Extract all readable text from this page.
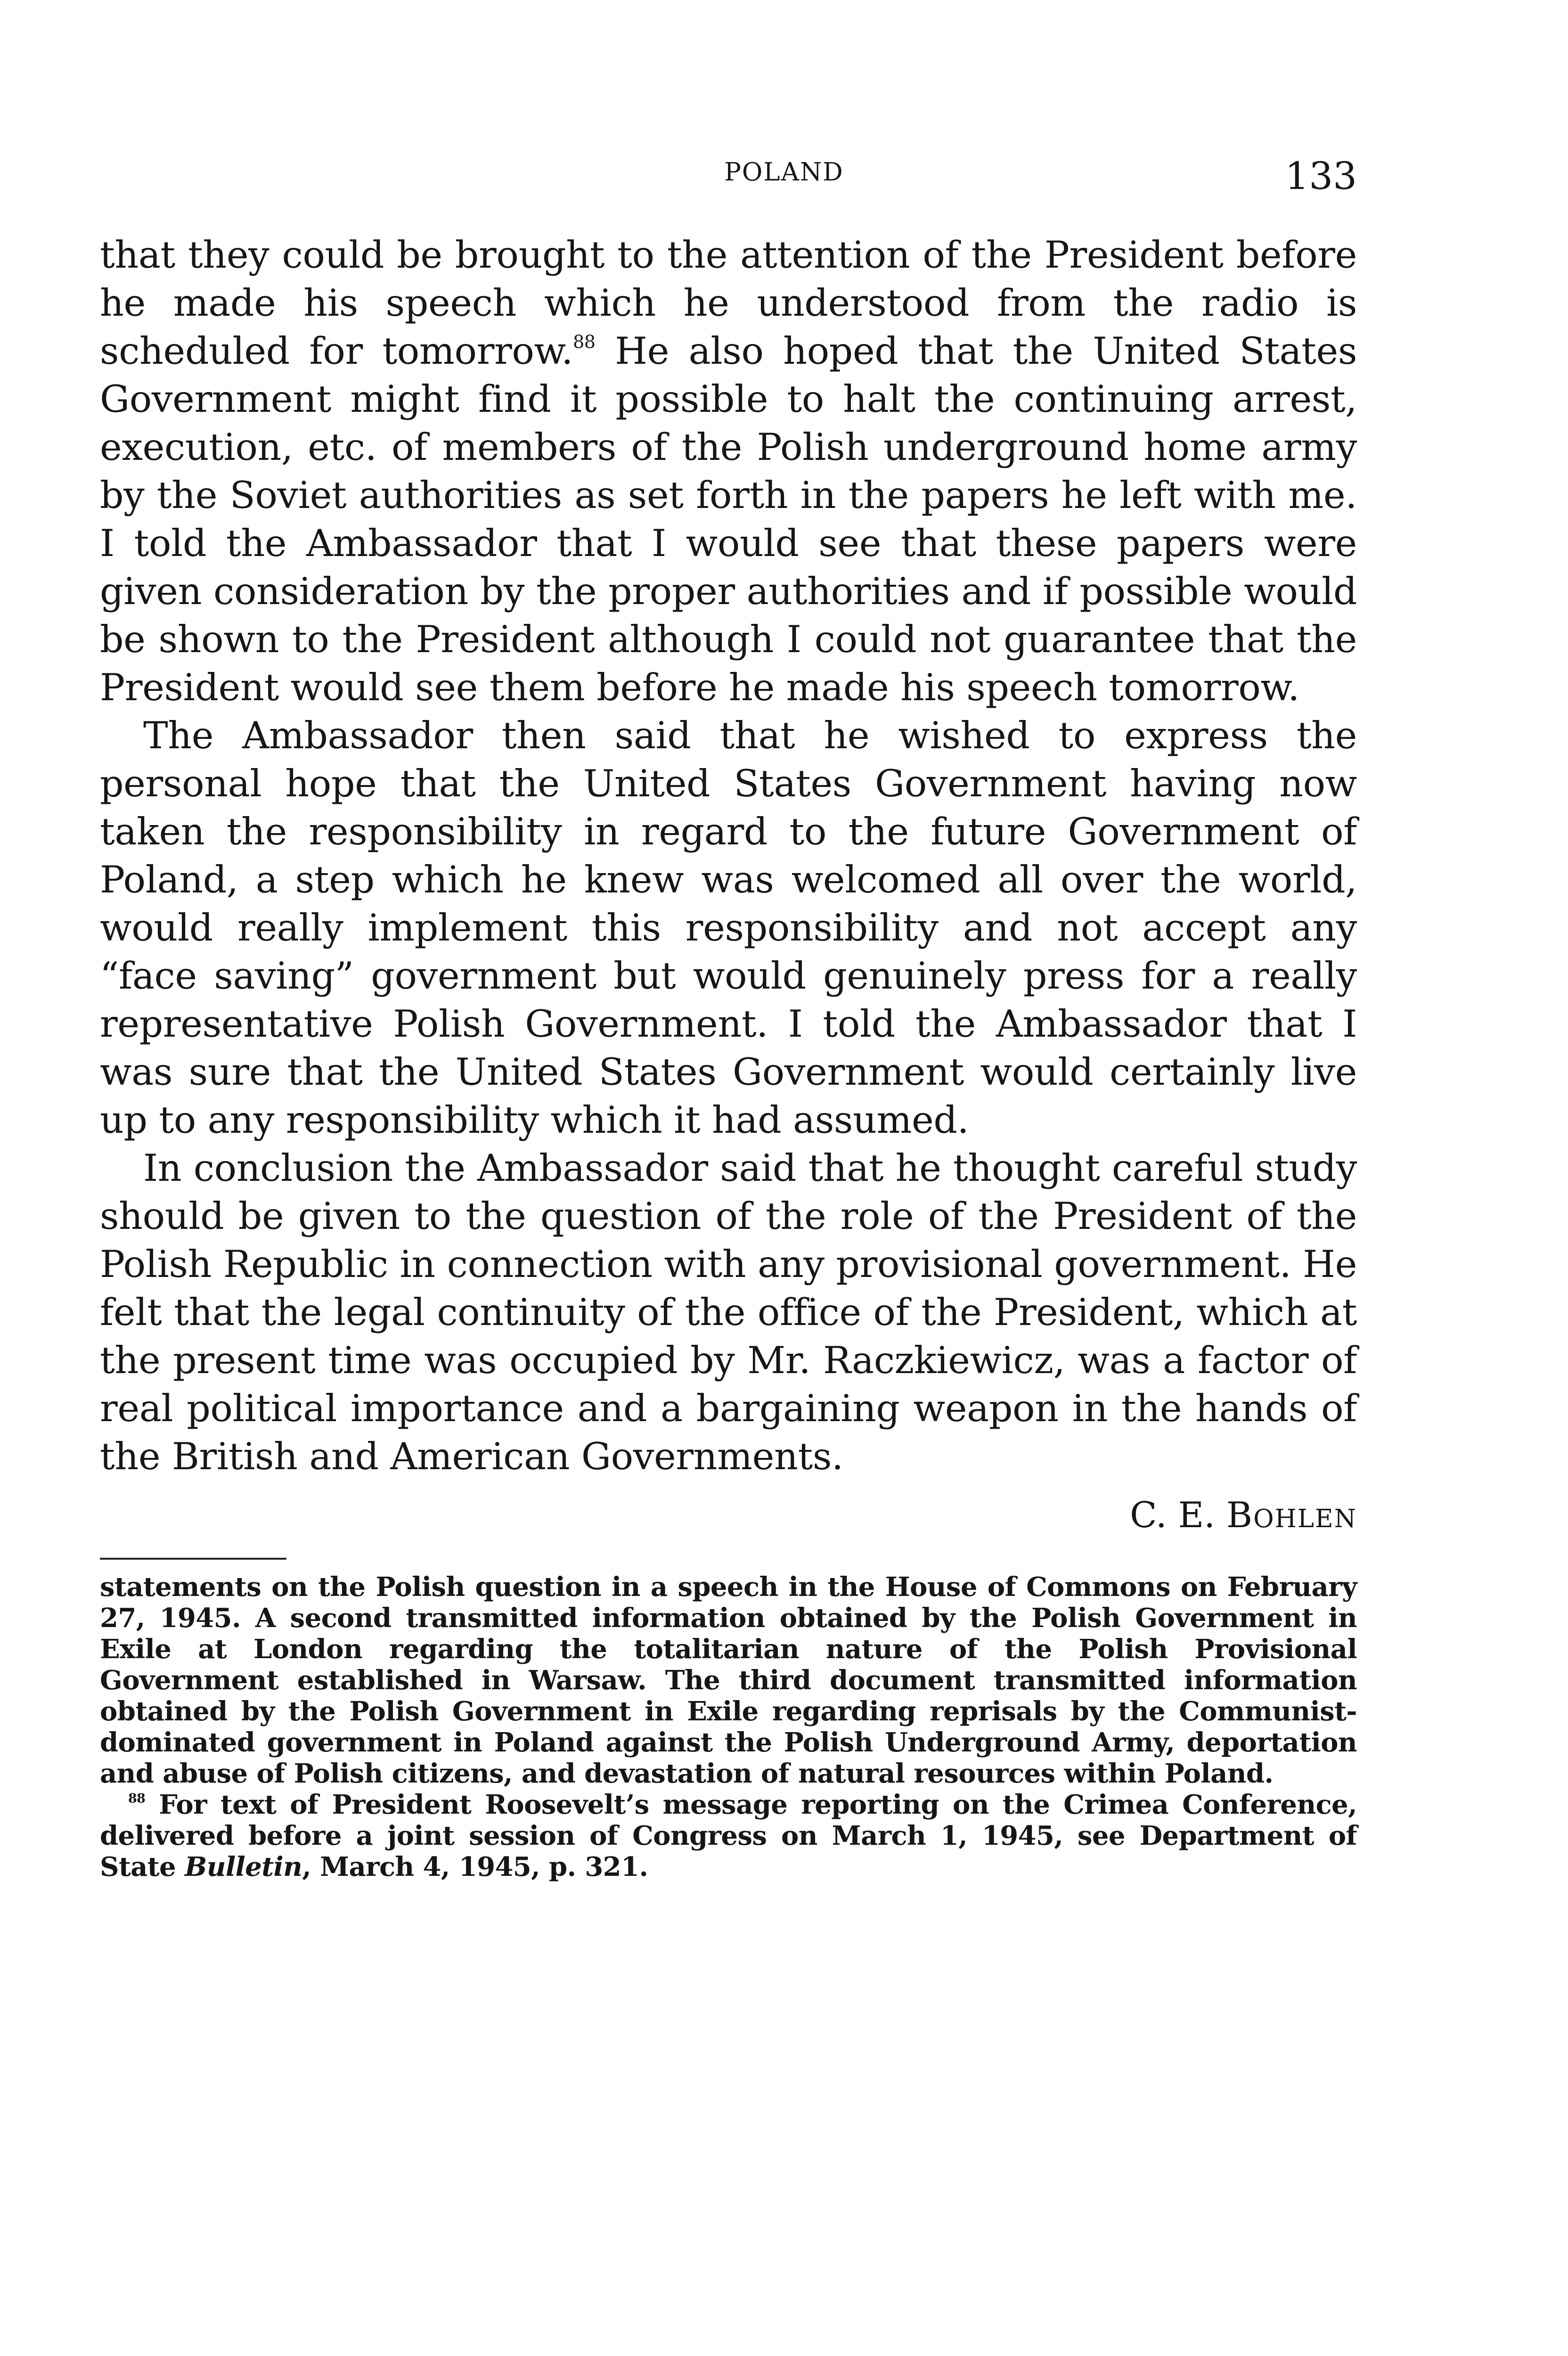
POLAND	133

that they could be brought to the attention of the President before he made his speech which he understood from the radio is scheduled for tomorrow.$^{88}$ He also hoped that the United States Government might find it possible to halt the continuing arrest, execution, etc. of members of the Polish underground home army by the Soviet authorities as set forth in the papers he left with me. I told the Ambassador that I would see that these papers were given consideration by the proper authorities and if possible would be shown to the President although I could not guarantee that the President would see them before he made his speech tomorrow.

The Ambassador then said that he wished to express the personal hope that the United States Government having now taken the responsibility in regard to the future Government of Poland, a step which he knew was welcomed all over the world, would really implement this responsibility and not accept any “face saving” government but would genuinely press for a really representative Polish Government. I told the Ambassador that I was sure that the United States Government would certainly live up to any responsibility which it had assumed.

In conclusion the Ambassador said that he thought careful study should be given to the question of the role of the President of the Polish Republic in connection with any provisional government. He felt that the legal continuity of the office of the President, which at the present time was occupied by Mr. Raczkiewicz, was a factor of real political importance and a bargaining weapon in the hands of the British and American Governments.

C. E. Bohlen

statements on the Polish question in a speech in the House of Commons on February 27, 1945. A second transmitted information obtained by the Polish Government in Exile at London regarding the totalitarian nature of the Polish Provisional Government established in Warsaw. The third document transmitted information obtained by the Polish Government in Exile regarding reprisals by the Communist-dominated government in Poland against the Polish Underground Army, deportation and abuse of Polish citizens, and devastation of natural resources within Poland.

$^{88}$ For text of President Roosevelt’s message reporting on the Crimea Conference, delivered before a joint session of Congress on March 1, 1945, see Department of State Bulletin, March 4, 1945, p. 321.
